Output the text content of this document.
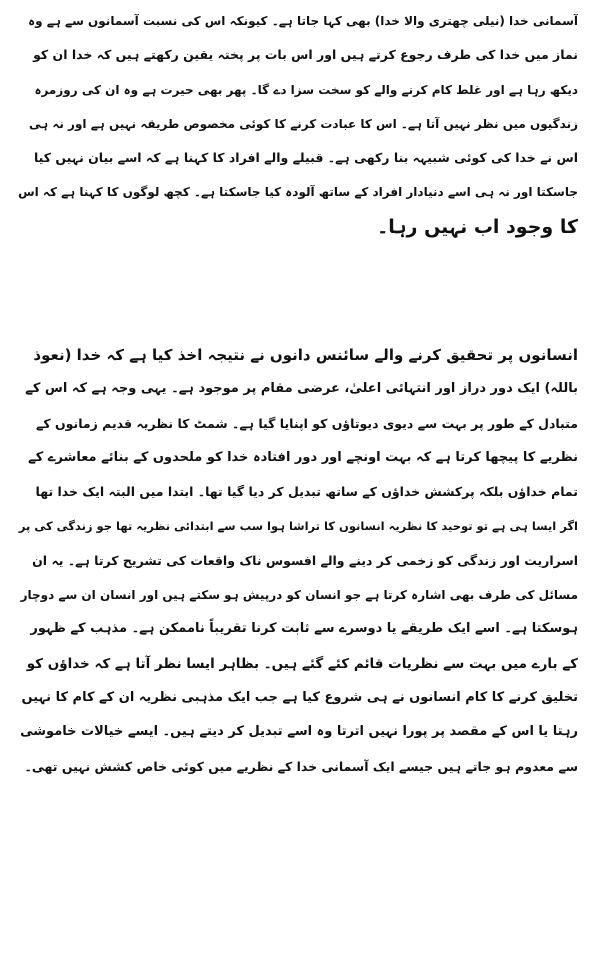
آسمانی خدا (نیلی چھتری والا خدا) بھی کہا جاتا ہے۔ کیونکہ اس کی نسبت آسمانوں سے ہے وہ
نماز میں خدا کی طرف رجوع کرتے ہیں اور اس بات پر پختہ یقین رکھتے ہیں کہ خدا ان کو
دیکھ رہا ہے اور غلط کام کرنے والے کو سخت سزا دے گا۔ پھر بھی حیرت ہے وہ ان کی روزمرہ
زندگیوں میں نظر نہیں آتا ہے۔ اس کا عبادت کرنے کا کوئی مخصوص طریقہ نہیں ہے اور نہ ہی
اس نے خدا کی کوئی شبیہہ بنا رکھی ہے۔ قبیلے والے افراد کا کہنا ہے کہ اسے بیان نہیں کیا
جاسکتا اور نہ ہی اسے دنیادار افراد کے ساتھ آلودہ کیا جاسکتا ہے۔ کچھ لوگوں کا کہنا ہے کہ اس
کا وجود اب نہیں رہا۔
انسانوں پر تحقیق کرنے والے سائنس دانوں نے نتیجہ اخذ کیا ہے کہ خدا (نعوذ
باللہ) ایک دور دراز اور انتہائی اعلیٰ، عرضی مقام پر موجود ہے۔ یہی وجہ ہے کہ اس کے
متبادل کے طور پر بہت سے دیوی دیوتاؤں کو اپنایا گیا ہے۔ شمٹ کا نظریہ قدیم زمانوں کے
نظریے کا پیچھا کرتا ہے کہ بہت اونچے اور دور افتادہ خدا کو ملحدوں کے بنائے معاشرے کے
تمام خداؤں بلکہ پرکشش خداؤں کے ساتھ تبدیل کر دیا گیا تھا۔ ابتدا میں البتہ ایک خدا تھا
اگر ایسا ہی ہے تو توحید کا نظریہ انسانوں کا تراشا ہوا سب سے ابتدائی نظریہ تھا جو زندگی کی پر
اسراریت اور زندگی کو زخمی کر دینے والے افسوس ناک واقعات کی تشریح کرتا ہے۔ یہ ان
مسائل کی طرف بھی اشارہ کرتا ہے جو انسان کو درپیش ہو سکتے ہیں اور انسان ان سے دوچار
ہوسکتا ہے۔ اسے ایک طریقے یا دوسرے سے ثابت کرنا تقریباً ناممکن ہے۔ مذہب کے ظہور
کے بارے میں بہت سے نظریات قائم کئے گئے ہیں۔ بظاہر ایسا نظر آتا ہے کہ خداؤں کو
تخلیق کرنے کا کام انسانوں نے ہی شروع کیا ہے جب ایک مذہبی نظریہ ان کے کام کا نہیں
رہتا یا اس کے مقصد پر پورا نہیں اترتا وہ اسے تبدیل کر دیتے ہیں۔ ایسے خیالات خاموشی
سے معدوم ہو جاتے ہیں جیسے ایک آسمانی خدا کے نظریے میں کوئی خاص کشش نہیں تھی۔
